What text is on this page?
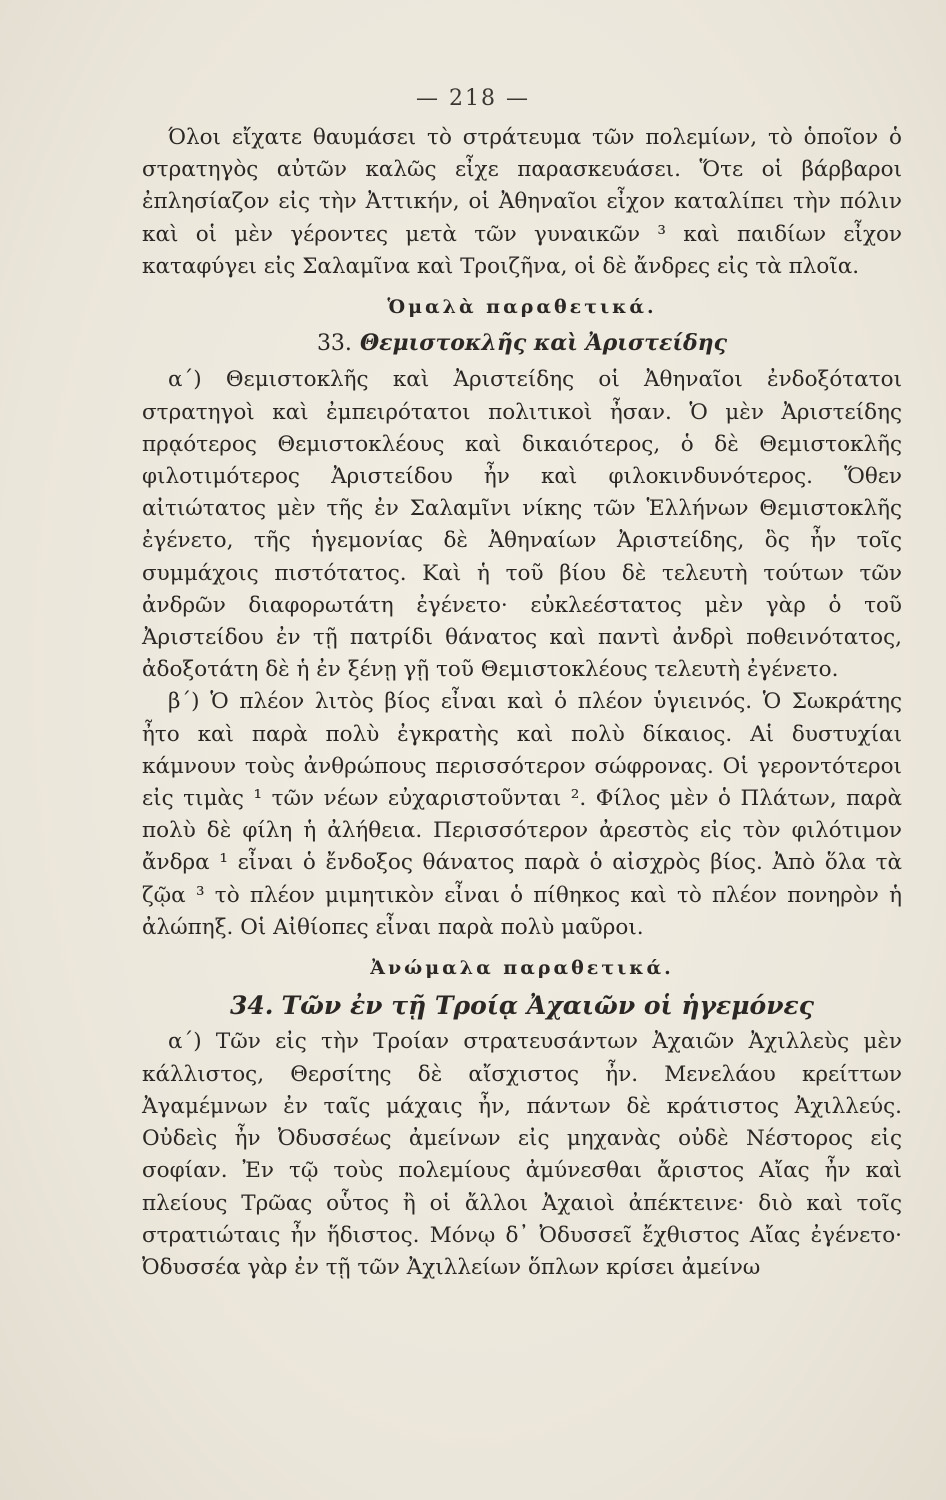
— 218 —

Όλοι εἴχατε θαυμάσει τὸ στράτευμα τῶν πολεμίων, τὸ ὁποῖον ὁ στρατηγὸς αὐτῶν καλῶς εἶχε παρασκευάσει. Ὅτε οἱ βάρβαροι ἐπλησίαζον εἰς τὴν Ἀττικήν, οἱ Ἀθηναῖοι εἶχον καταλίπει τὴν πόλιν καὶ οἱ μὲν γέροντες μετὰ τῶν γυναικῶν ³ καὶ παιδίων εἶχον καταφύγει εἰς Σαλαμῖνα καὶ Τροιζῆνα, οἱ δὲ ἄνδρες εἰς τὰ πλοῖα.

Ὁμαλὰ παραθετικά.
33. Θεμιστοκλῆς καὶ Ἀριστείδης

α΄) Θεμιστοκλῆς καὶ Ἀριστείδης οἱ Ἀθηναῖοι ἐνδοξότατοι στρατηγοὶ καὶ ἐμπειρότατοι πολιτικοὶ ἦσαν. Ὁ μὲν Ἀριστείδης πρᾳότερος Θεμιστοκλέους καὶ δικαιότερος, ὁ δὲ Θεμιστοκλῆς φιλοτιμότερος Ἀριστείδου ἦν καὶ φιλοκινδυνότερος. Ὅθεν αἰτιώτατος μὲν τῆς ἐν Σαλαμῖνι νίκης τῶν Ἑλλήνων Θεμιστοκλῆς ἐγένετο, τῆς ἡγεμονίας δὲ Ἀθηναίων Ἀριστείδης, ὃς ἦν τοῖς συμμάχοις πιστότατος. Καὶ ἡ τοῦ βίου δὲ τελευτὴ τούτων τῶν ἀνδρῶν διαφορωτάτη ἐγένετο· εὐκλεέστατος μὲν γὰρ ὁ τοῦ Ἀριστείδου ἐν τῇ πατρίδι θάνατος καὶ παντὶ ἀνδρὶ ποθεινότατος, ἀδοξοτάτη δὲ ἡ ἐν ξένῃ γῇ τοῦ Θεμιστοκλέους τελευτὴ ἐγένετο.

β΄) Ὁ πλέον λιτὸς βίος εἶναι καὶ ὁ πλέον ὑγιεινός. Ὁ Σωκράτης ἦτο καὶ παρὰ πολὺ ἐγκρατὴς καὶ πολὺ δίκαιος. Αἱ δυστυχίαι κάμνουν τοὺς ἀνθρώπους περισσότερον σώφρονας. Οἱ γεροντότεροι εἰς τιμὰς ¹ τῶν νέων εὐχαριστοῦνται ². Φίλος μὲν ὁ Πλάτων, παρὰ πολὺ δὲ φίλη ἡ ἀλήθεια. Περισσότερον ἀρεστὸς εἰς τὸν φιλότιμον ἄνδρα ¹ εἶναι ὁ ἔνδοξος θάνατος παρὰ ὁ αἰσχρὸς βίος. Ἀπὸ ὅλα τὰ ζῷα ³ τὸ πλέον μιμητικὸν εἶναι ὁ πίθηκος καὶ τὸ πλέον πονηρὸν ἡ ἀλώπηξ. Οἱ Αἰθίοπες εἶναι παρὰ πολὺ μαῦροι.

Ἀνώμαλα παραθετικά.
34. Τῶν ἐν τῇ Τροίᾳ Ἀχαιῶν οἱ ἡγεμόνες

α΄) Τῶν εἰς τὴν Τροίαν στρατευσάντων Ἀχαιῶν Ἀχιλλεὺς μὲν κάλλιστος, Θερσίτης δὲ αἴσχιστος ἦν. Μενελάου κρείττων Ἀγαμέμνων ἐν ταῖς μάχαις ἦν, πάντων δὲ κράτιστος Ἀχιλλεύς. Οὐδεὶς ἦν Ὀδυσσέως ἀμείνων εἰς μηχανὰς οὐδὲ Νέστορος εἰς σοφίαν. Ἐν τῷ τοὺς πολεμίους ἀμύνεσθαι ἄριστος Αἴας ἦν καὶ πλείους Τρῶας οὗτος ἢ οἱ ἄλλοι Ἀχαιοὶ ἀπέκτεινε· διὸ καὶ τοῖς στρατιώταις ἦν ἥδιστος. Μόνῳ δ᾽ Ὀδυσσεῖ ἔχθιστος Αἴας ἐγένετο· Ὀδυσσέα γὰρ ἐν τῇ τῶν Ἀχιλλείων ὅπλων κρίσει ἀμείνω
